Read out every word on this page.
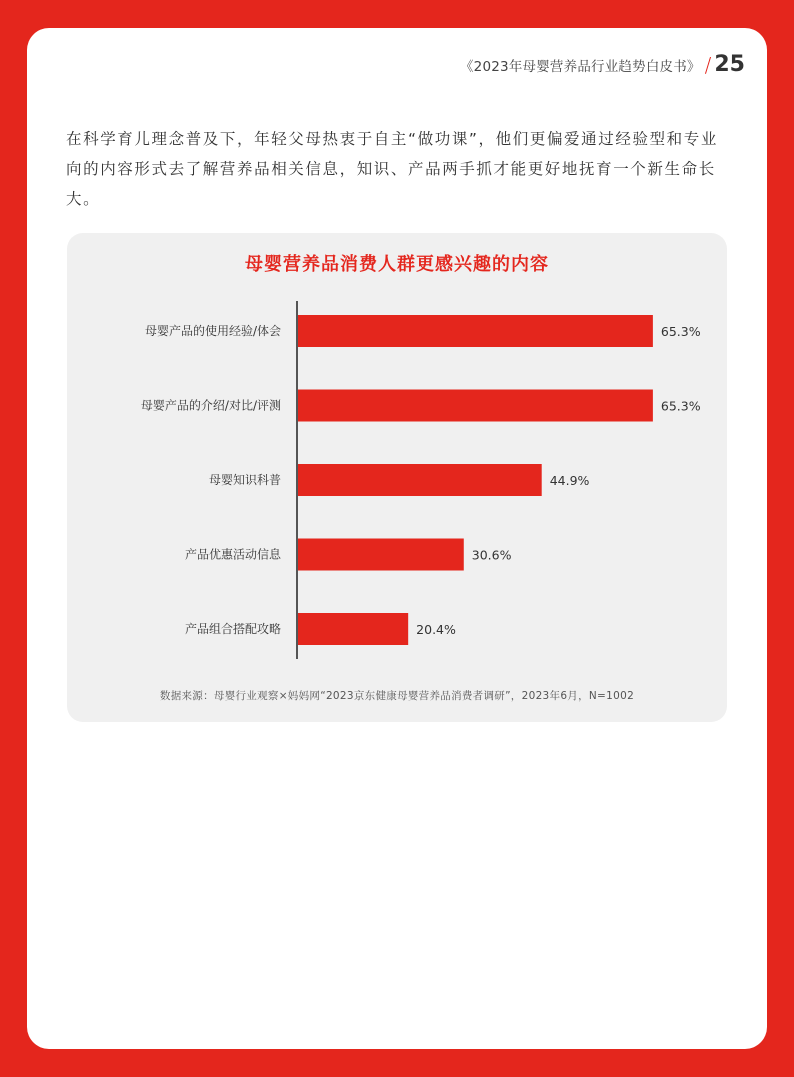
《2023年母婴营养品行业趋势白皮书》 / 25
在科学育儿理念普及下，年轻父母热衷于自主“做功课”，他们更偏爱通过经验型和专业向的内容形式去了解营养品相关信息，知识、产品两手抓才能更好地抚育一个新生命长大。
母婴营养品消费人群更感兴趣的内容
母婴产品的使用经验/体会	65.3%
母婴产品的介绍/对比/评测	65.3%
母婴知识科普	44.9%
产品优惠活动信息	30.6%
产品组合搭配攻略	20.4%
数据来源：母婴行业观察×妈妈网“2023京东健康母婴营养品消费者调研”，2023年6月，N=1002
